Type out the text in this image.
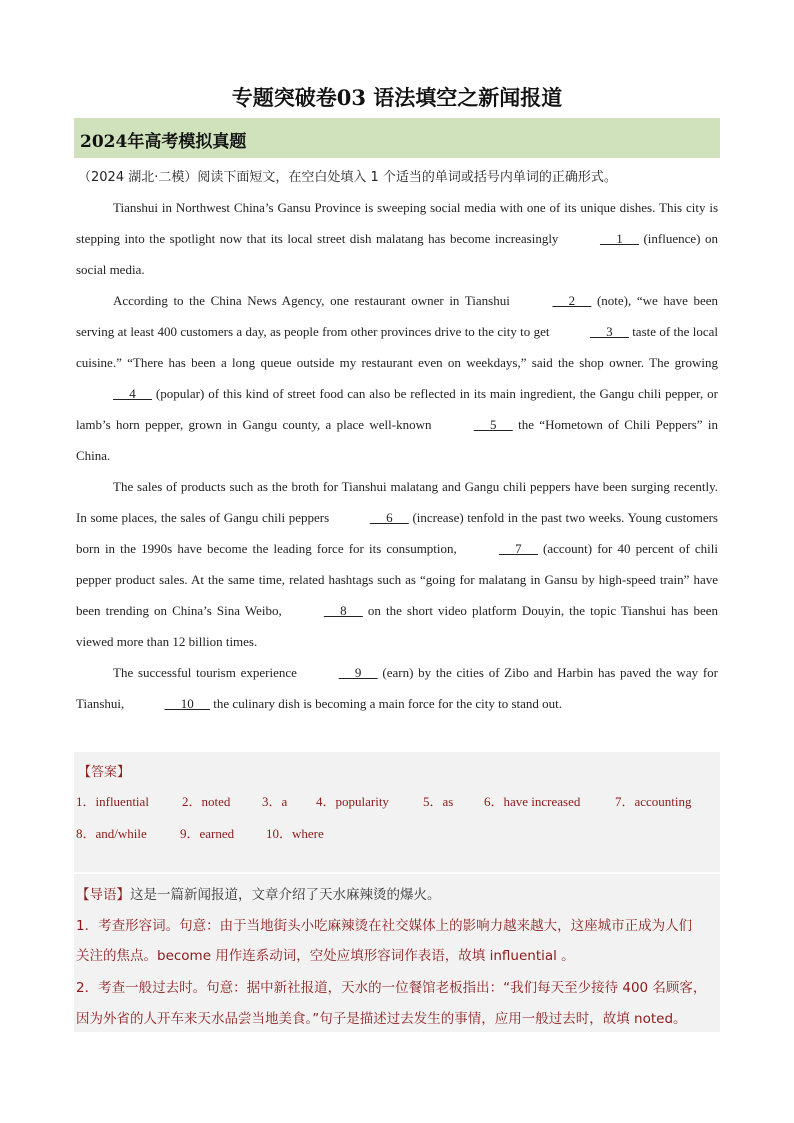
专题突破卷03 语法填空之新闻报道
2024年高考模拟真题
（2024 湖北·二模）阅读下面短文，在空白处填入 1 个适当的单词或括号内单词的正确形式。

Tianshui in Northwest China’s Gansu Province is sweeping social media with one of its unique dishes. This city is stepping into the spotlight now that its local street dish malatang has become increasingly	1      (influence) on social media.

According to the China News Agency, one restaurant owner in Tianshui	2      (note), “we have been serving at least 400 customers a day, as people from other provinces drive to the city to get	3      taste of the local cuisine.” “There has been a long queue outside my restaurant even on weekdays,” said the shop owner. The growing      4      (popular) of this kind of street food can also be reflected in its main ingredient, the Gangu chili pepper, or lamb’s horn pepper, grown in Gangu county, a place well-known	5      the “Hometown of Chili Peppers” in China.

The sales of products such as the broth for Tianshui malatang and Gangu chili peppers have been surging recently. In some places, the sales of Gangu chili peppers	6      (increase) tenfold in the past two weeks. Young customers born in the 1990s have become the leading force for its consumption,	7      (account) for 40 percent of chili pepper product sales. At the same time, related hashtags such as “going for malatang in Gansu by high-speed train” have been trending on China’s Sina Weibo,	8      on the short video platform Douyin, the topic Tianshui has been viewed more than 12 billion times.

The successful tourism experience	9      (earn) by the cities of Zibo and Harbin has paved the way for Tianshui,	10      the culinary dish is becoming a main force for the city to stand out.

【答案】
1．influential	2．noted 3．a 4．popularity	5．as 6．have increased	7．accounting
8．and/while	9．earned 10．where
【导语】这是一篇新闻报道，文章介绍了天水麻辣烫的爆火。
1．考查形容词。句意：由于当地街头小吃麻辣烫在社交媒体上的影响力越来越大，这座城市正成为人们
关注的焦点。become 用作连系动词，空处应填形容词作表语，故填 influential 。
2．考查一般过去时。句意：据中新社报道，天水的一位餐馆老板指出：“我们每天至少接待 400 名顾客，
因为外省的人开车来天水品尝当地美食。”句子是描述过去发生的事情，应用一般过去时，故填 noted。
